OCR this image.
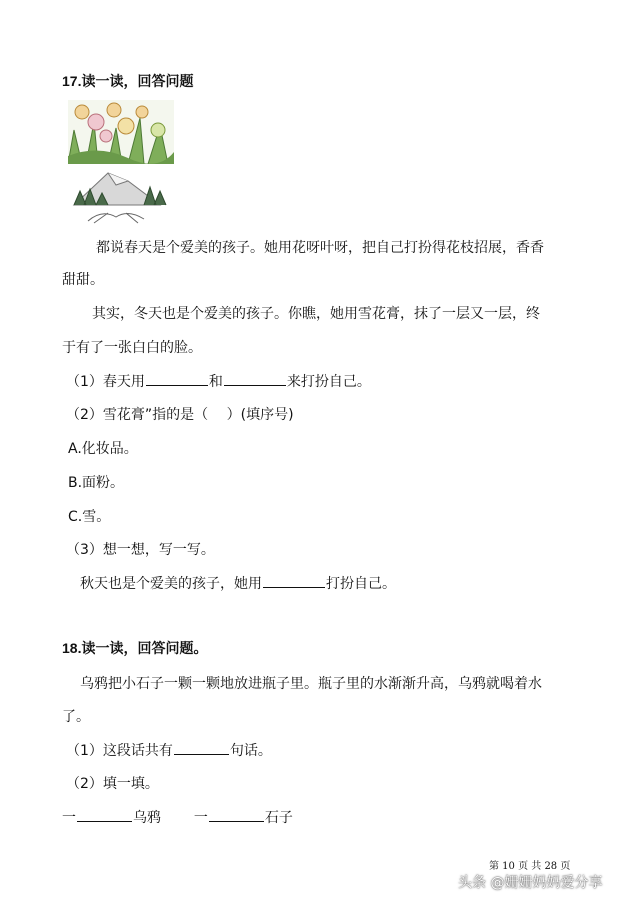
17.读一读，回答问题
都说春天是个爱美的孩子。她用花呀叶呀，把自己打扮得花枝招展，香香
甜甜。
其实，冬天也是个爱美的孩子。你瞧，她用雪花膏，抹了一层又一层，终
于有了一张白白的脸。
（1）春天用	和	来打扮自己。
（2）雪花膏”指的是（　 ）(填序号)
A.化妆品。
B.面粉。
C.雪。
（3）想一想，写一写。
秋天也是个爱美的孩子，她用	打扮自己。
18.读一读，回答问题。
乌鸦把小石子一颗一颗地放进瓶子里。瓶子里的水渐渐升高，乌鸦就喝着水
了。
（1）这段话共有	句话。
（2）填一填。
一	乌鸦 一	石子
第 10 页 共 28 页
头条 @姗姗妈妈爱分享
